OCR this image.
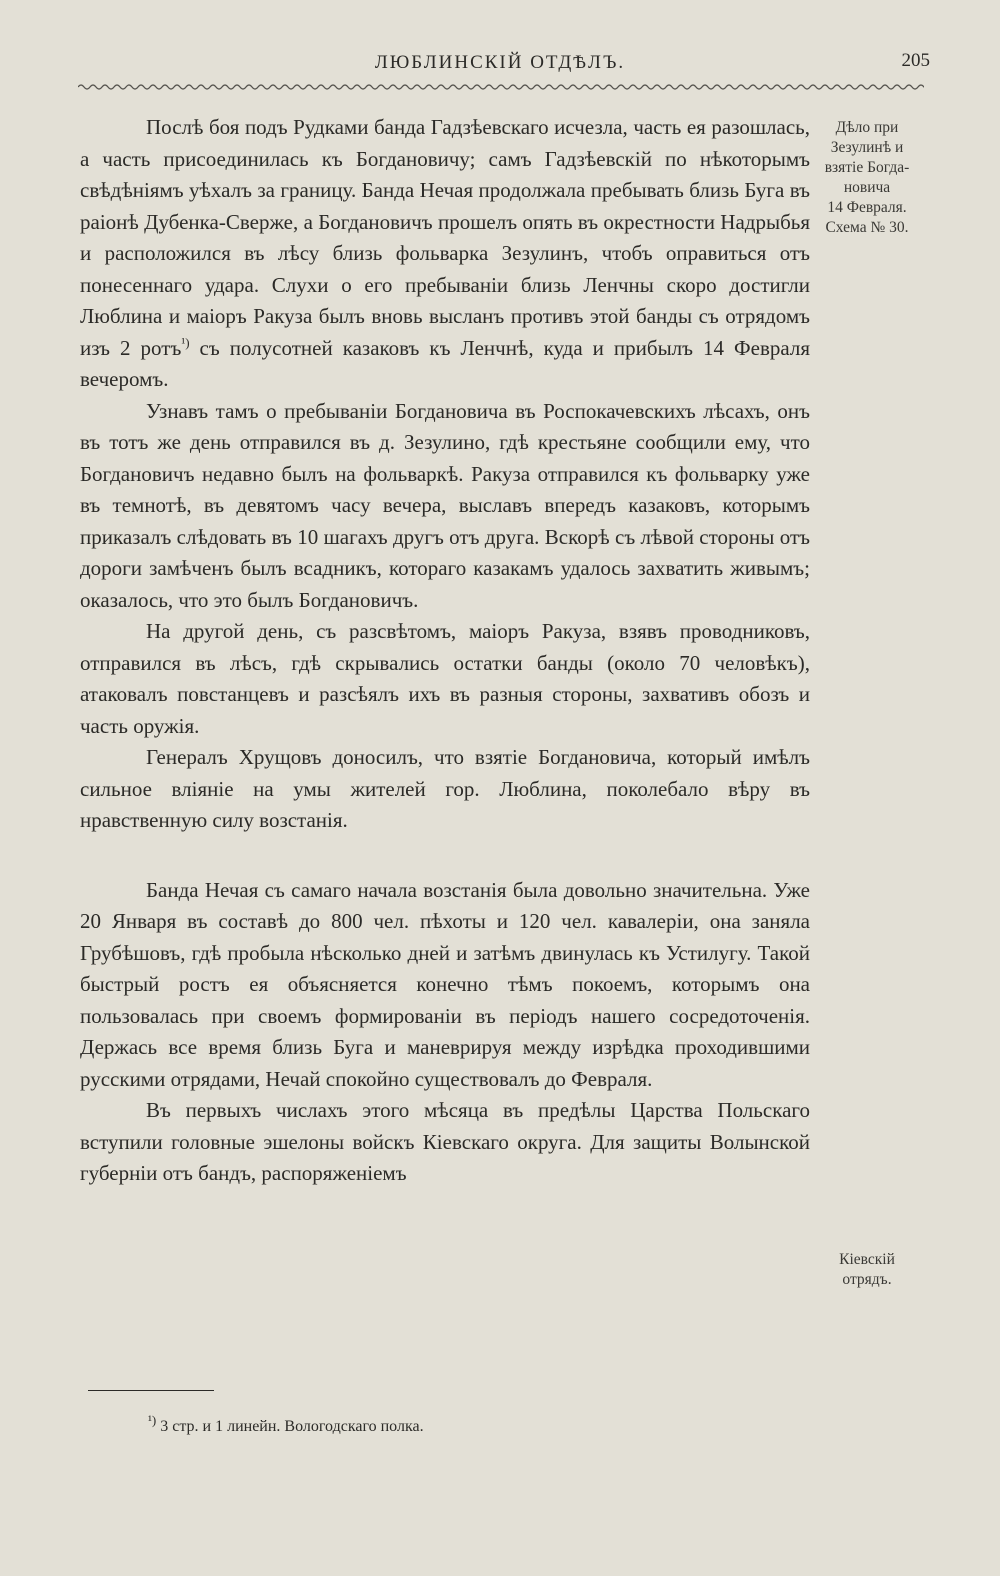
ЛЮБЛИНСКІЙ ОТДѢЛЪ.	205

Послѣ боя подъ Рудками банда Гадзѣевскаго исчезла, часть ея разошлась, а часть присоединилась къ Богдановичу; самъ Гадзѣевскій по нѣкоторымъ свѣдѣніямъ уѣхалъ за границу. Банда Нечая продолжала пребывать близь Буга въ раіонѣ Дубенка-Сверже, а Богдановичъ прошелъ опять въ окрестности Надрыбья и расположился въ лѣсу близь фольварка Зезулинъ, чтобъ оправиться отъ понесеннаго удара. Слухи о его пребываніи близь Ленчны скоро достигли Люблина и маіоръ Ракуза былъ вновь высланъ противъ этой банды съ отрядомъ изъ 2 ротъ$^{^1)}$ съ полусотней казаковъ къ Ленчнѣ, куда и прибылъ 14 Февраля вечеромъ.

Узнавъ тамъ о пребываніи Богдановича въ Роспокачевскихъ лѣсахъ, онъ въ тотъ же день отправился въ д. Зезулино, гдѣ крестьяне сообщили ему, что Богдановичъ недавно былъ на фольваркѣ. Ракуза отправился къ фольварку уже въ темнотѣ, въ девятомъ часу вечера, выславъ впередъ казаковъ, которымъ приказалъ слѣдовать въ 10 шагахъ другъ отъ друга. Вскорѣ съ лѣвой стороны отъ дороги замѣченъ былъ всадникъ, котораго казакамъ удалось захватить живымъ; оказалось, что это былъ Богдановичъ.

На другой день, съ разсвѣтомъ, маіоръ Ракуза, взявъ проводниковъ, отправился въ лѣсъ, гдѣ скрывались остатки банды (около 70 человѣкъ), атаковалъ повстанцевъ и разсѣялъ ихъ въ разныя стороны, захвативъ обозъ и часть оружія.

Генералъ Хрущовъ доносилъ, что взятіе Богдановича, который имѣлъ сильное вліяніе на умы жителей гор. Люблина, поколебало вѣру въ нравственную силу возстанія.

Банда Нечая съ самаго начала возстанія была довольно значительна. Уже 20 Января въ составѣ до 800 чел. пѣхоты и 120 чел. кавалеріи, она заняла Грубѣшовъ, гдѣ пробыла нѣсколько дней и затѣмъ двинулась къ Устилугу. Такой быстрый ростъ ея объясняется конечно тѣмъ покоемъ, которымъ она пользовалась при своемъ формированіи въ періодъ нашего сосредоточенія. Держась все время близь Буга и маневрируя между изрѣдка проходившими русскими отрядами, Нечай спокойно существовалъ до Февраля.

Въ первыхъ числахъ этого мѣсяца въ предѣлы Царства Польскаго вступили головные эшелоны войскъ Кіевскаго округа. Для защиты Волынской губерніи отъ бандъ, распоряженіемъ

Дѣло при
Зезулинѣ и
взятіе Богда-
новича
14 Февраля.
Схема № 30.
Кіевскій
отрядъ.
$^{^1)}$ 3 стр. и 1 линейн. Вологодскаго полка.
